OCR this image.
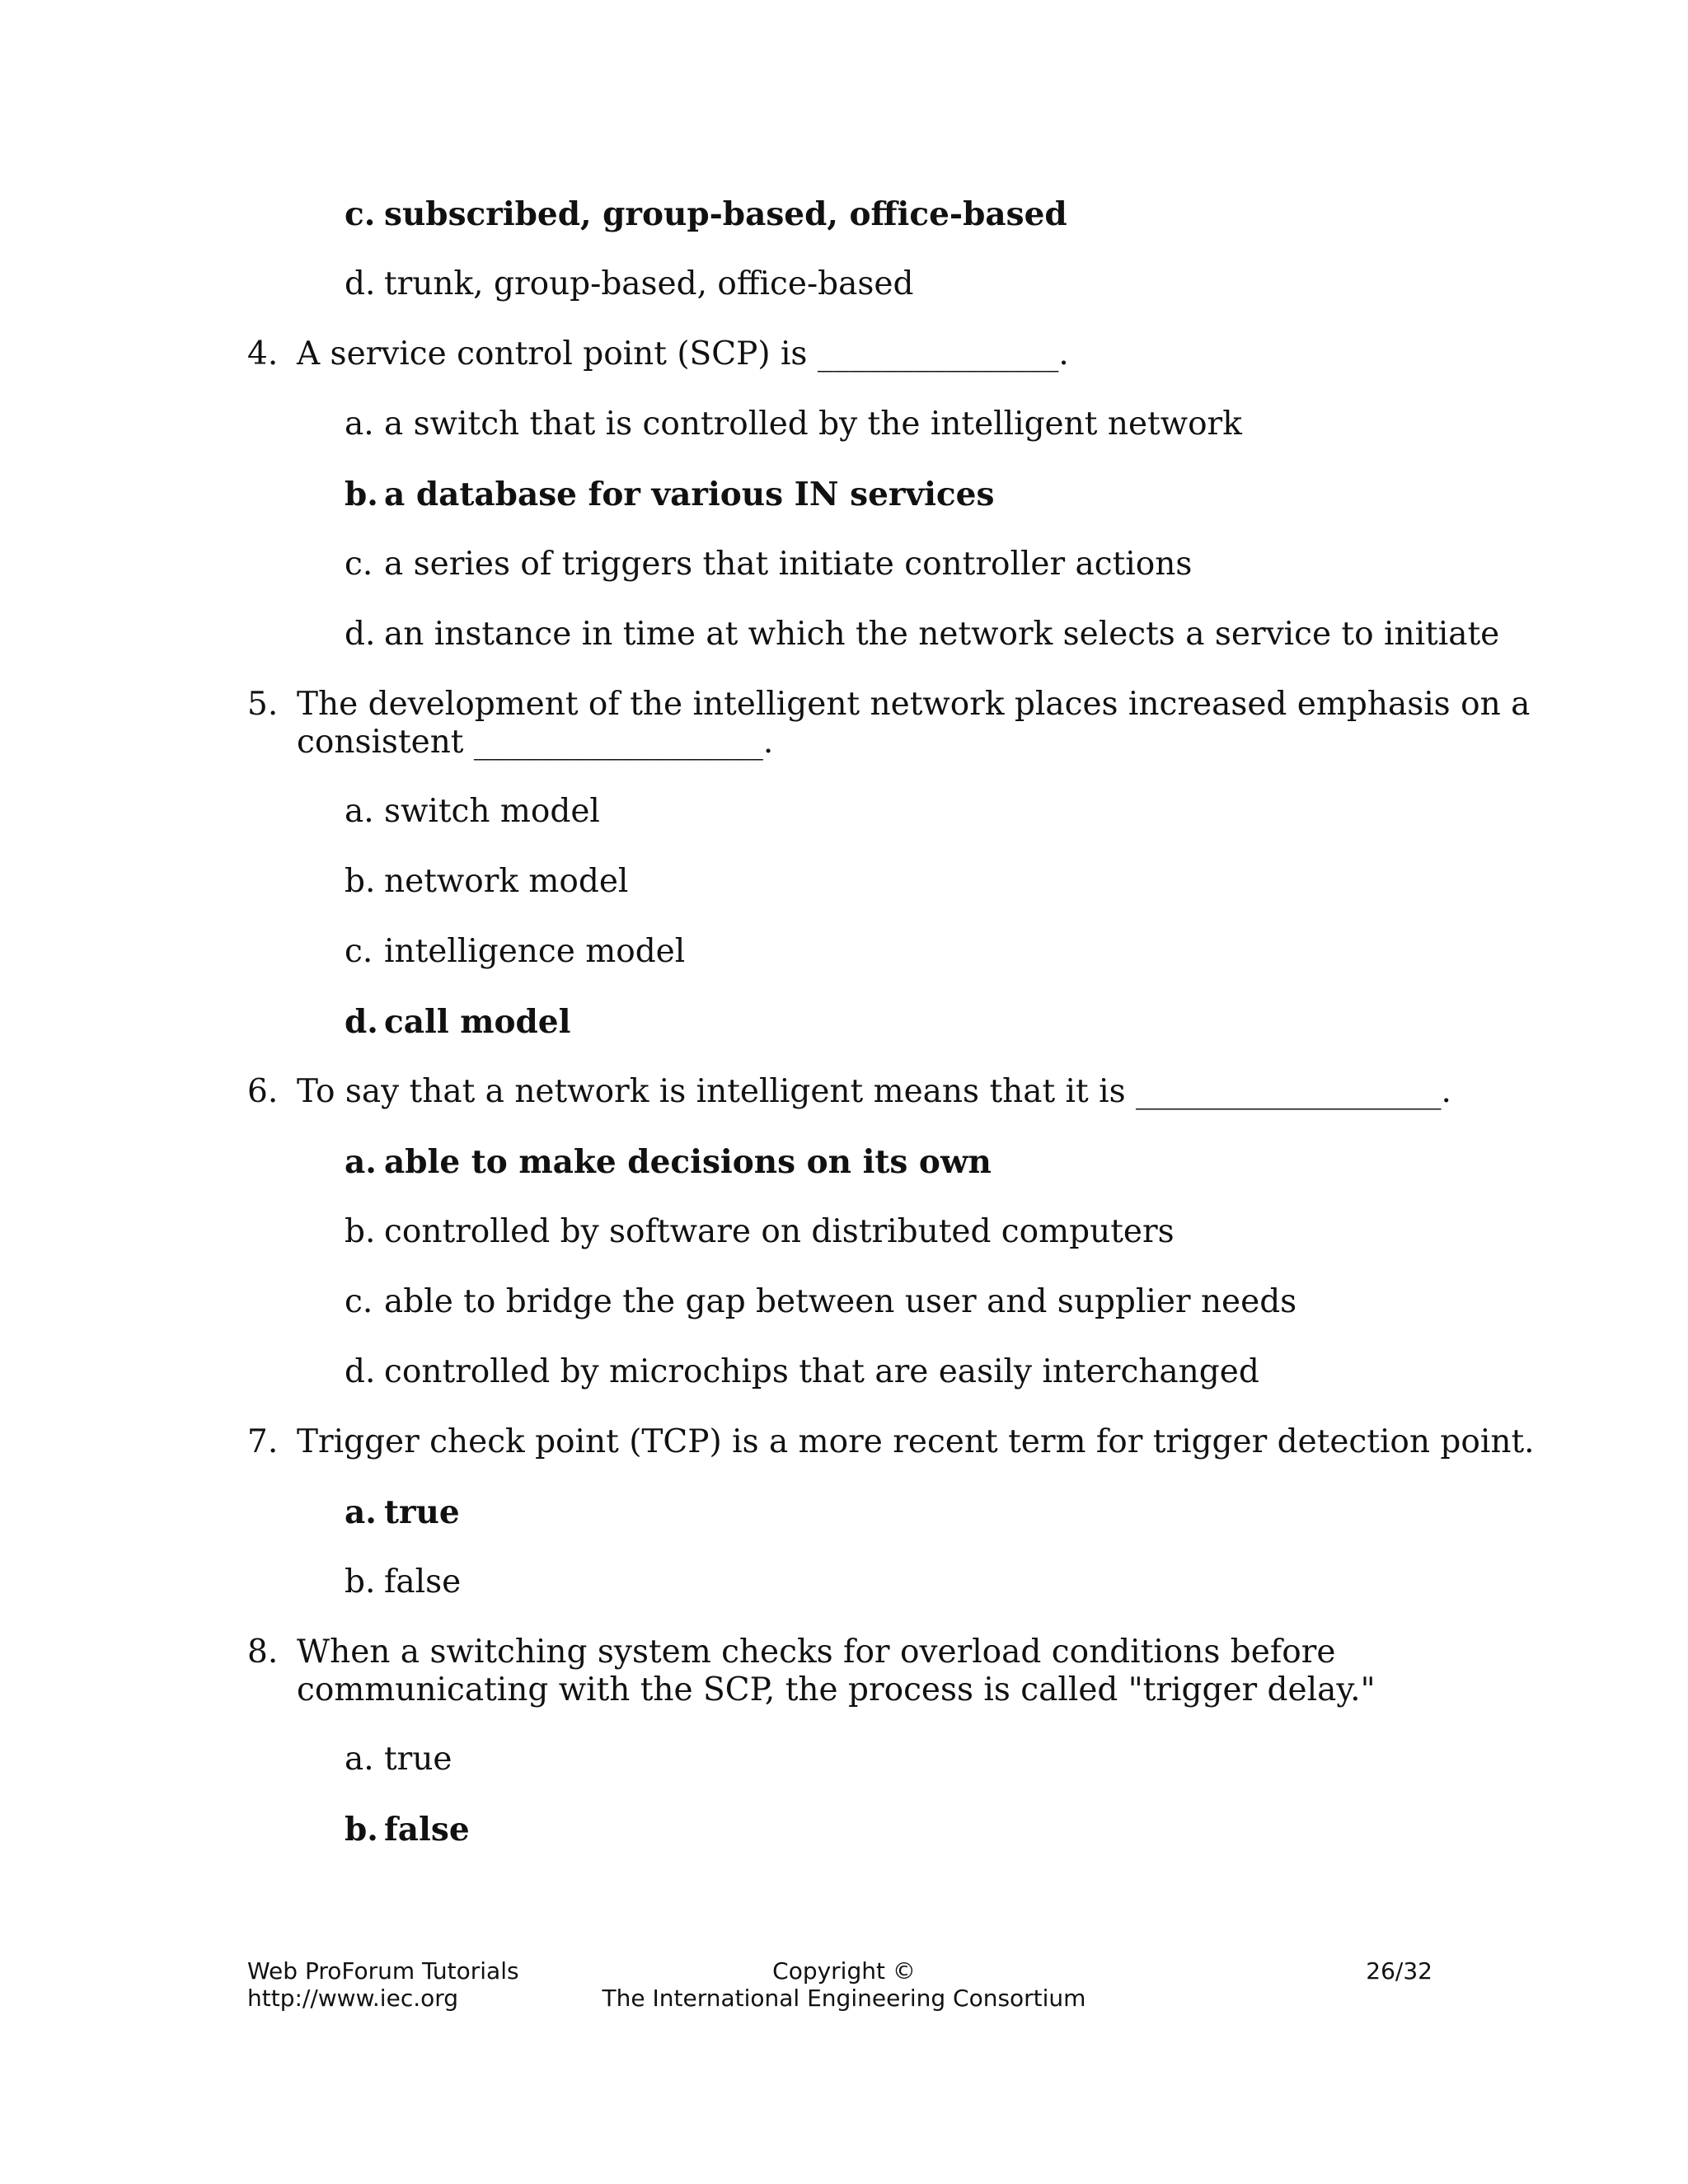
c. subscribed, group-based, office-based
d. trunk, group-based, office-based
4. A service control point (SCP) is _______________.
a. a switch that is controlled by the intelligent network
b. a database for various IN services
c. a series of triggers that initiate controller actions
d. an instance in time at which the network selects a service to initiate
5. The development of the intelligent network places increased emphasis on a
consistent __________________.
a. switch model
b. network model
c. intelligence model
d. call model
6. To say that a network is intelligent means that it is ___________________.
a. able to make decisions on its own
b. controlled by software on distributed computers
c. able to bridge the gap between user and supplier needs
d. controlled by microchips that are easily interchanged
7. Trigger check point (TCP) is a more recent term for trigger detection point.
a. true
b. false
8. When a switching system checks for overload conditions before
communicating with the SCP, the process is called "trigger delay."
a. true
b. false
Web ProForum Tutorials
http://www.iec.org
Copyright ©
The International Engineering Consortium
26/32
